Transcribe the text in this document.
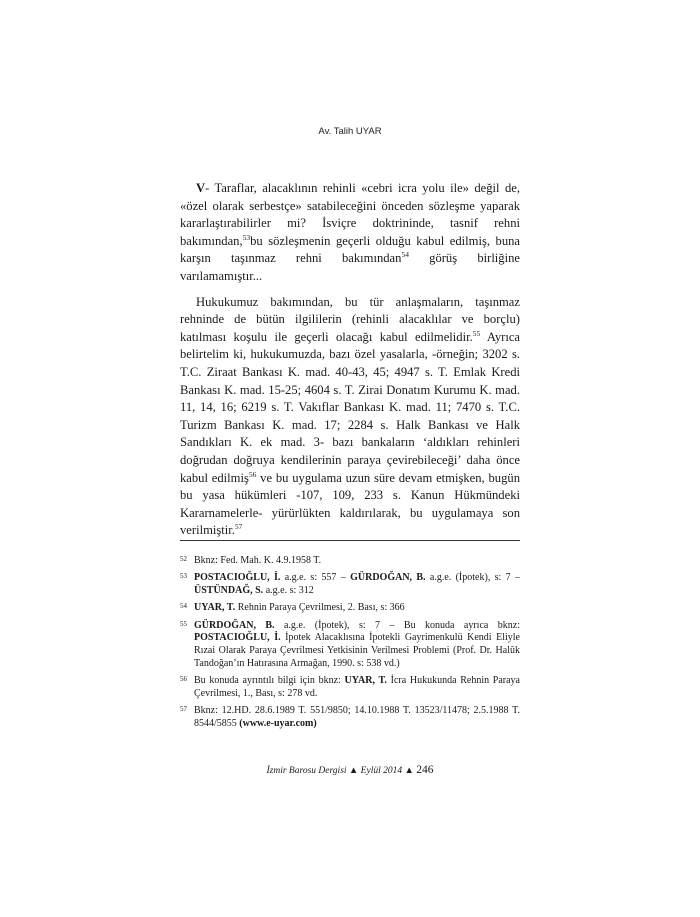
Av. Talih UYAR

V- Taraflar, alacaklının rehinli «cebri icra yolu ile» değil de, «özel olarak serbestçe» satabileceğini önceden sözleşme yaparak kararlaştırabilirler mi? İsviçre doktrininde, tasnif rehni bakımından,$^{53}$bu sözleşmenin geçerli olduğu kabul edilmiş, buna karşın taşınmaz rehni bakımından$^{54}$ görüş birliğine varılamamıştır...

Hukukumuz bakımından, bu tür anlaşmaların, taşınmaz rehninde de bütün ilgililerin (rehinli alacaklılar ve borçlu) katılması koşulu ile geçerli olacağı kabul edilmelidir.$^{55}$ Ayrıca belirtelim ki, hukukumuzda, bazı özel yasalarla, -örneğin; 3202 s. T.C. Ziraat Bankası K. mad. 40-43, 45; 4947 s. T. Emlak Kredi Bankası K. mad. 15-25; 4604 s. T. Zirai Donatım Kurumu K. mad. 11, 14, 16; 6219 s. T. Vakıflar Bankası K. mad. 11; 7470 s. T.C. Turizm Bankası K. mad. 17; 2284 s. Halk Bankası ve Halk Sandıkları K. ek mad. 3- bazı bankaların ‘aldıkları rehinleri doğrudan doğruya kendilerinin paraya çevirebileceği’ daha önce kabul edilmiş$^{56}$ ve bu uygulama uzun süre devam etmişken, bugün bu yasa hükümleri -107, 109, 233 s. Kanun Hükmündeki Kararnamelerle- yürürlükten kaldırılarak, bu uygulamaya son verilmiştir.$^{57}$

52 Bknz: Fed. Mah. K. 4.9.1958 T.
53 POSTACIOĞLU, İ. a.g.e. s: 557 – GÜRDOĞAN, B. a.g.e. (İpotek), s: 7 – ÜSTÜNDAĞ, S. a.g.e. s: 312
54 UYAR, T. Rehnin Paraya Çevrilmesi, 2. Bası, s: 366
55 GÜRDOĞAN, B. a.g.e. (İpotek), s: 7 – Bu konuda ayrıca bknz: POSTACIOĞLU, İ. İpotek Alacaklısına İpotekli Gayrimenkulü Kendi Eliyle Rızai Olarak Paraya Çevrilmesi Yetkisinin Verilmesi Problemi (Prof. Dr. Halûk Tandoğan’ın Hatırasına Armağan, 1990. s: 538 vd.)
56 Bu konuda ayrıntılı bilgi için bknz: UYAR, T. İcra Hukukunda Rehnin Paraya Çevrilmesi, 1., Bası, s: 278 vd.
57 Bknz: 12.HD. 28.6.1989 T. 551/9850; 14.10.1988 T. 13523/11478; 2.5.1988 T. 8544/5855 (www.e-uyar.com)
İzmir Barosu Dergisi ▲ Eylül 2014 ▲ 246
